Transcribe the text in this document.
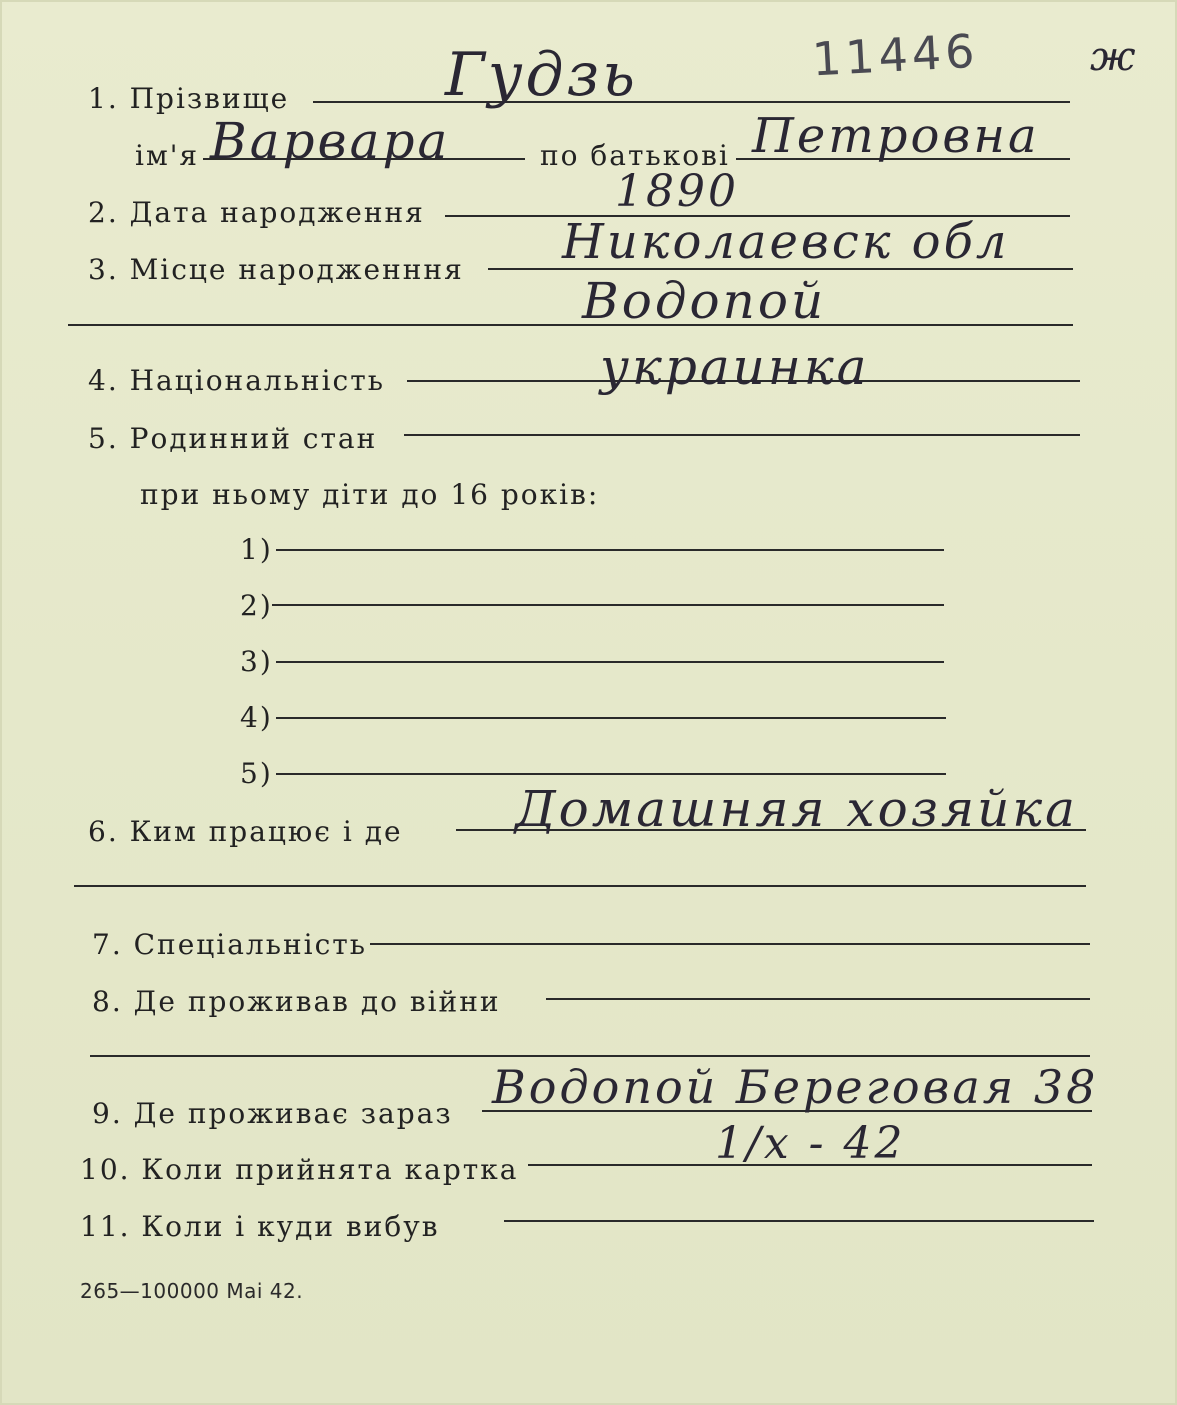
11446	ж
1. Прізвище	Гудзь
ім'я Варвара	по батькові Петровна
2. Дата народження	1890
3. Місце народженння Николаевск обл
Водопой
4. Національність	украинка
5. Родинний стан
при ньому діти до 16 років:
1)
2)
3)
4)
5)
6. Ким працює і де Домашняя хозяйка
7. Спеціальність
8. Де проживав до війни
9. Де проживає зараз Водопой Береговая 38
10. Коли прийнята картка
1/х - 42
11. Коли і куди вибув
265—100000 Маі 42.
